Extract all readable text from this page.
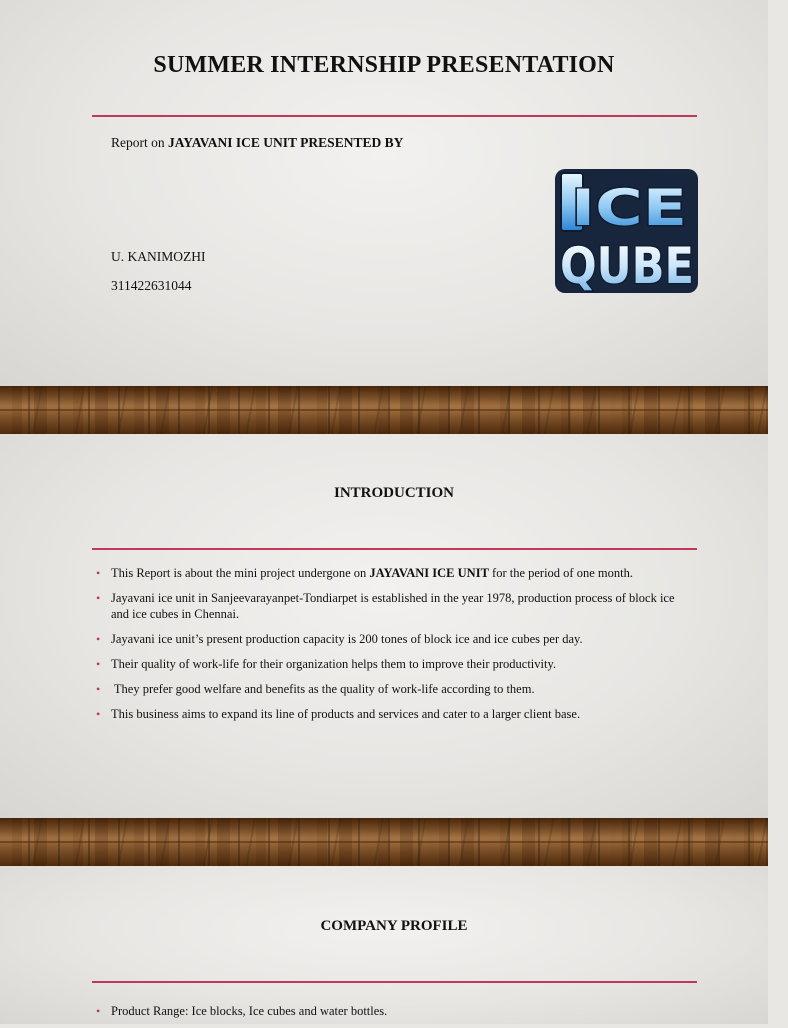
SUMMER INTERNSHIP PRESENTATION
Report on JAYAVANI ICE UNIT PRESENTED BY
U. KANIMOZHI
311422631044
ICE
QUBE
INTRODUCTION
• This Report is about the mini project undergone on JAYAVANI ICE UNIT for the period of one month.
• Jayavani ice unit in Sanjeevarayanpet-Tondiarpet is established in the year 1978, production process of block ice and ice cubes in Chennai.
• Jayavani ice unit’s present production capacity is 200 tones of block ice and ice cubes per day.
• Their quality of work-life for their organization helps them to improve their productivity.
• They prefer good welfare and benefits as the quality of work-life according to them.
• This business aims to expand its line of products and services and cater to a larger client base.
COMPANY PROFILE
• Product Range: Ice blocks, Ice cubes and water bottles.
